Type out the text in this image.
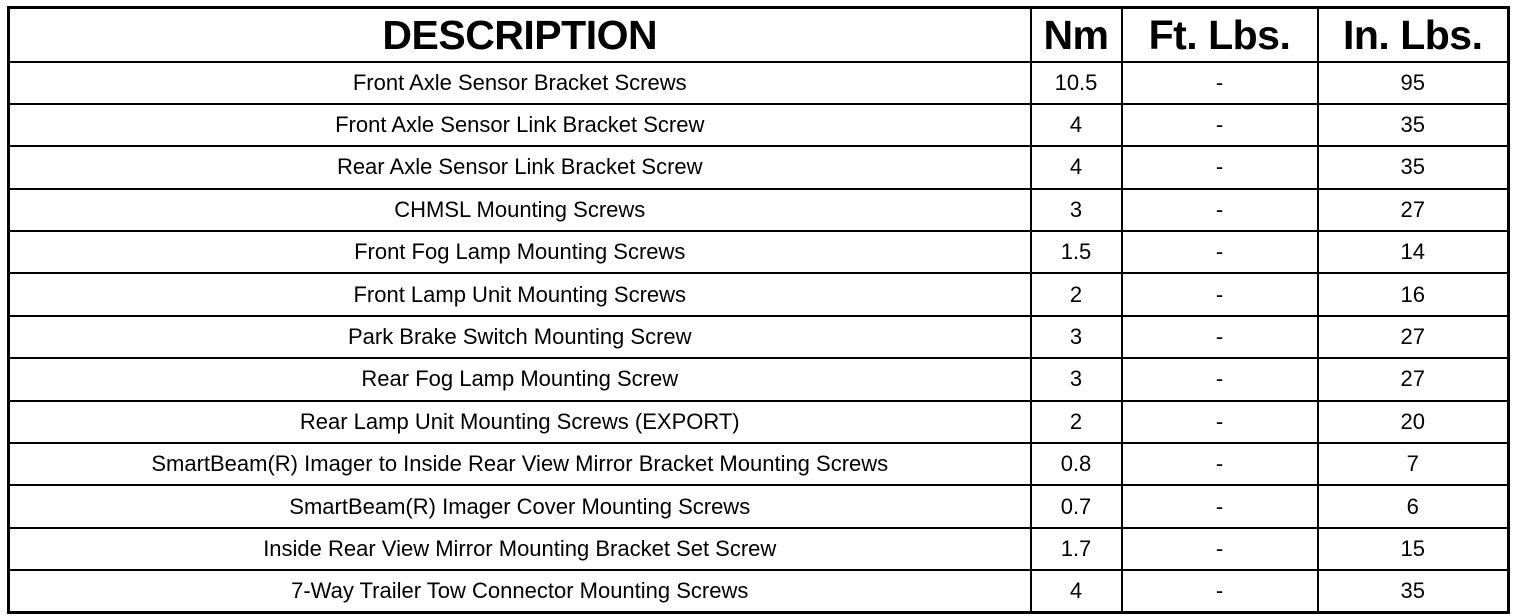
DESCRIPTION	Nm	Ft. Lbs.	In. Lbs.
Front Axle Sensor Bracket Screws	10.5	-	95
Front Axle Sensor Link Bracket Screw	4	-	35
Rear Axle Sensor Link Bracket Screw	4	-	35
CHMSL Mounting Screws	3	-	27
Front Fog Lamp Mounting Screws	1.5	-	14
Front Lamp Unit Mounting Screws	2	-	16
Park Brake Switch Mounting Screw	3	-	27
Rear Fog Lamp Mounting Screw	3	-	27
Rear Lamp Unit Mounting Screws (EXPORT)	2	-	20
SmartBeam(R) Imager to Inside Rear View Mirror Bracket Mounting Screws	0.8	-	7
SmartBeam(R) Imager Cover Mounting Screws	0.7	-	6
Inside Rear View Mirror Mounting Bracket Set Screw	1.7	-	15
7-Way Trailer Tow Connector Mounting Screws	4	-	35
